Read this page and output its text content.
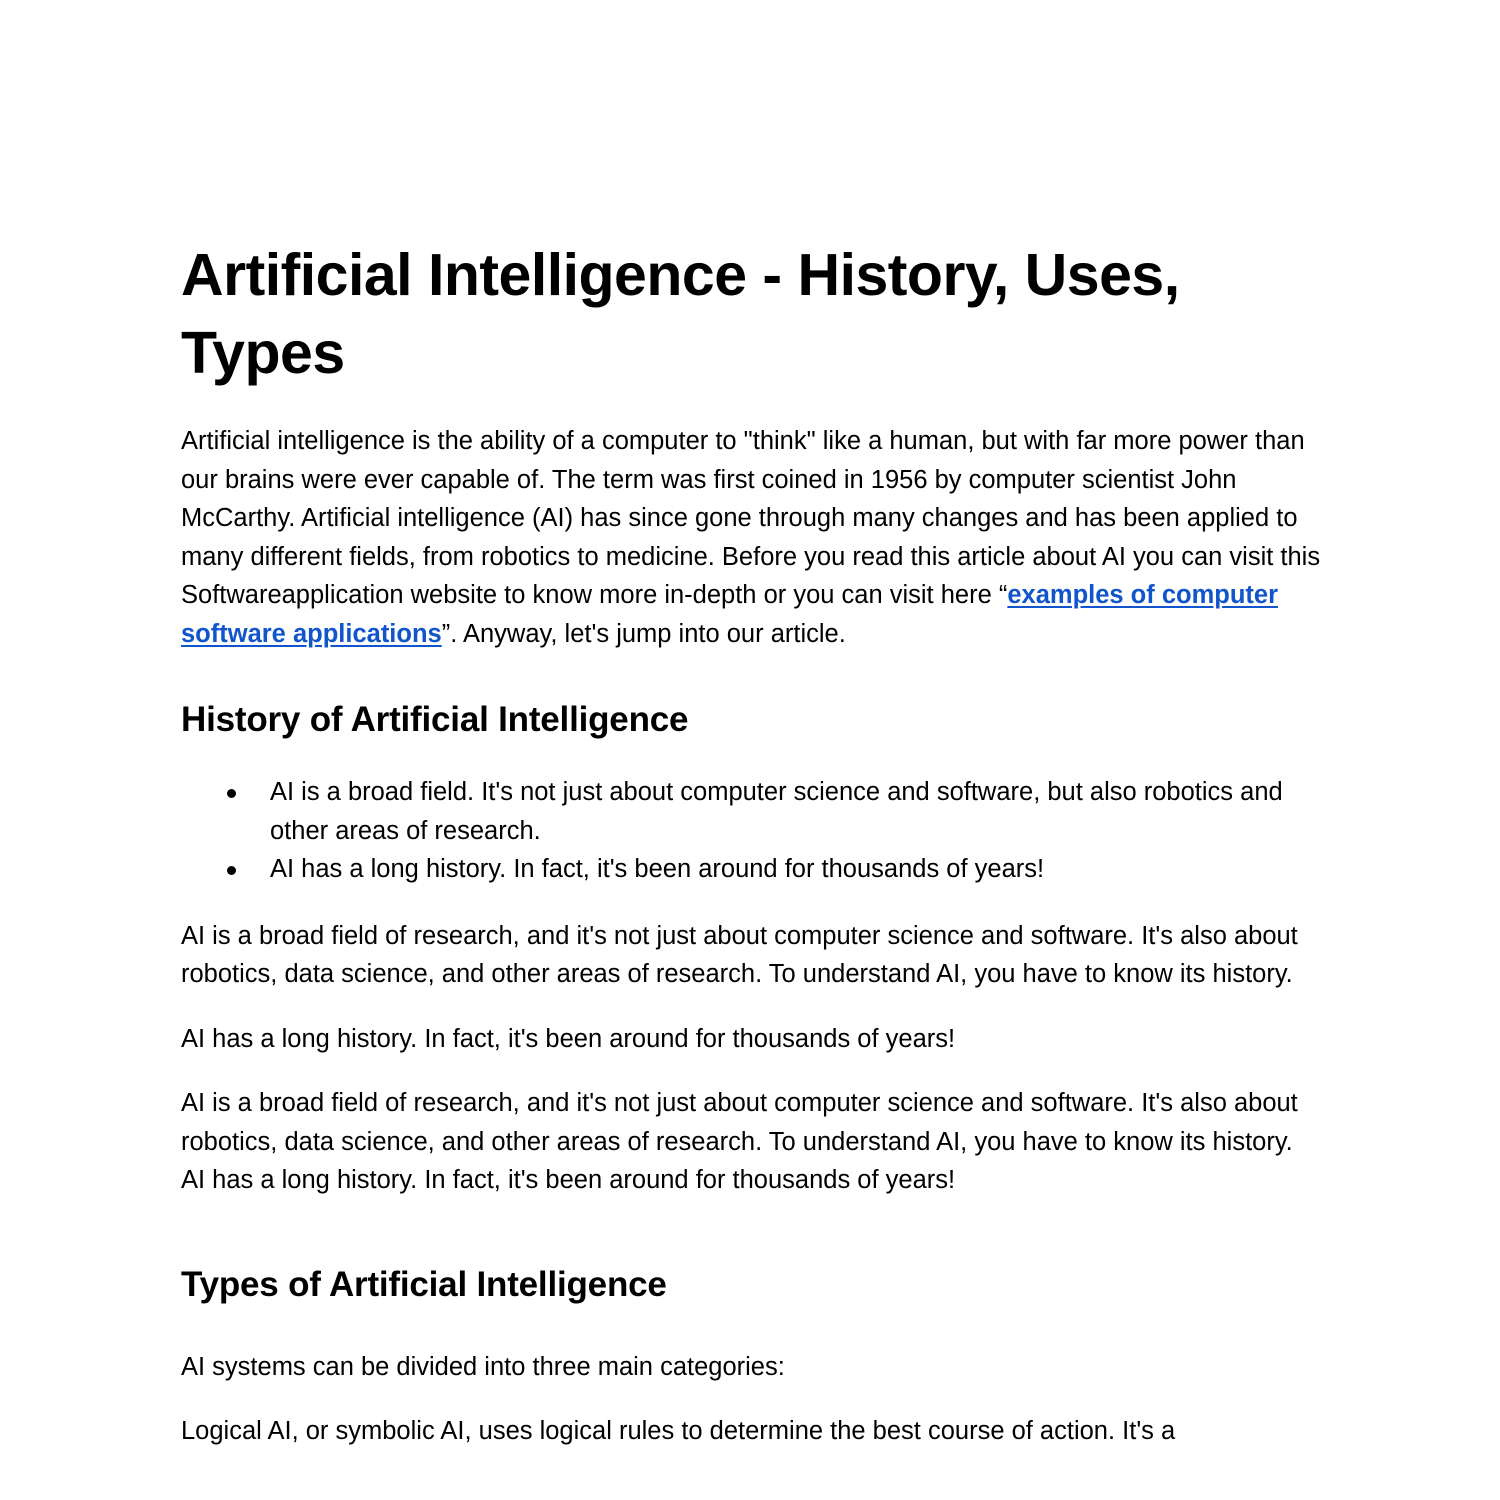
Artificial Intelligence - History, Uses, Types

Artificial intelligence is the ability of a computer to "think" like a human, but with far more power than our brains were ever capable of. The term was first coined in 1956 by computer scientist John McCarthy. Artificial intelligence (AI) has since gone through many changes and has been applied to many different fields, from robotics to medicine. Before you read this article about AI you can visit this Softwareapplication website to know more in-depth or you can visit here “examples of computer software applications”. Anyway, let's jump into our article.

History of Artificial Intelligence
AI is a broad field. It's not just about computer science and software, but also robotics and other areas of research.
AI has a long history. In fact, it's been around for thousands of years!

AI is a broad field of research, and it's not just about computer science and software. It's also about robotics, data science, and other areas of research. To understand AI, you have to know its history.

AI has a long history. In fact, it's been around for thousands of years!

AI is a broad field of research, and it's not just about computer science and software. It's also about robotics, data science, and other areas of research. To understand AI, you have to know its history. AI has a long history. In fact, it's been around for thousands of years!

Types of Artificial Intelligence

AI systems can be divided into three main categories:

Logical AI, or symbolic AI, uses logical rules to determine the best course of action. It's a
